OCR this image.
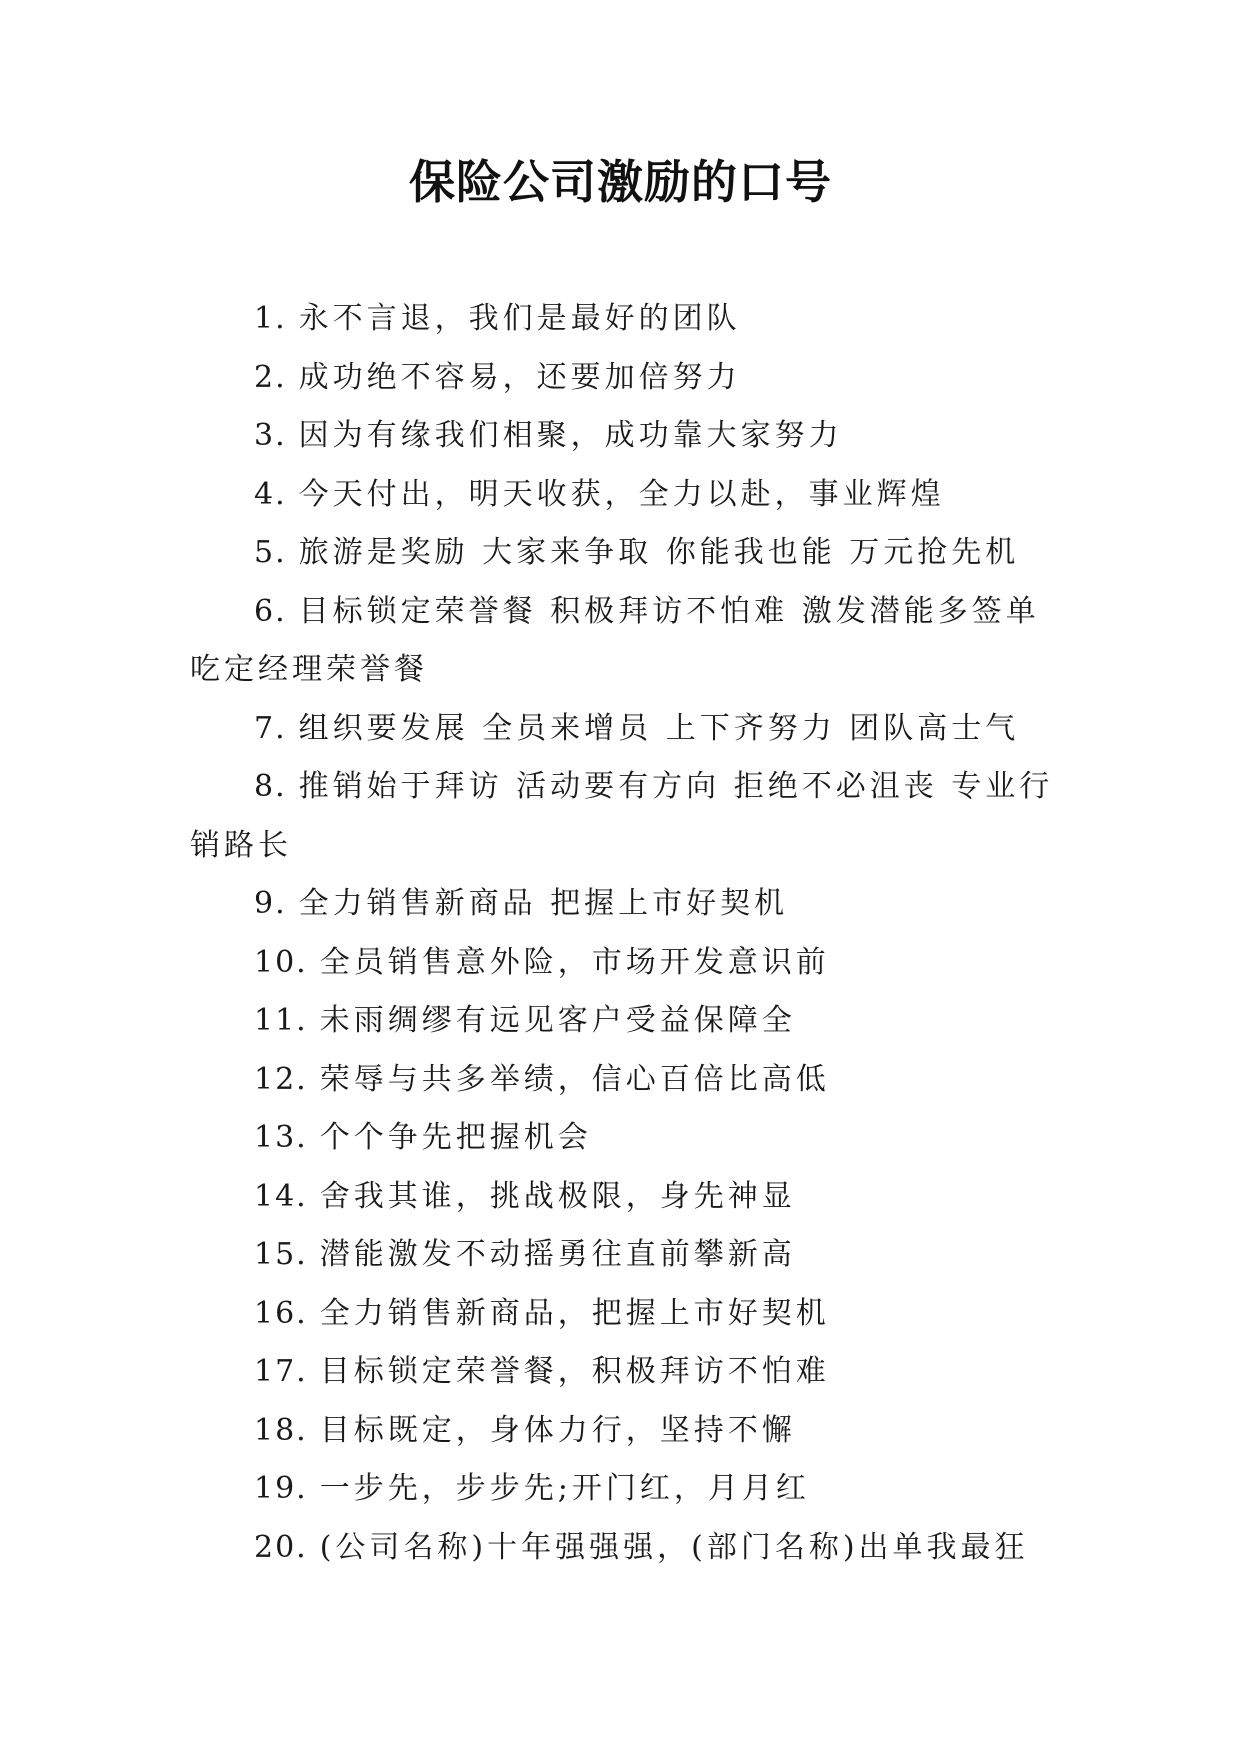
保险公司激励的口号
1. 永不言退，我们是最好的团队
2. 成功绝不容易，还要加倍努力
3. 因为有缘我们相聚，成功靠大家努力
4. 今天付出，明天收获，全力以赴，事业辉煌
5. 旅游是奖励 大家来争取 你能我也能 万元抢先机
6. 目标锁定荣誉餐 积极拜访不怕难 激发潜能多签单吃定经理荣誉餐
7. 组织要发展 全员来增员 上下齐努力 团队高士气
8. 推销始于拜访 活动要有方向 拒绝不必沮丧 专业行销路长
9. 全力销售新商品 把握上市好契机
10. 全员销售意外险，市场开发意识前
11. 未雨绸缪有远见客户受益保障全
12. 荣辱与共多举绩，信心百倍比高低
13. 个个争先把握机会
14. 舍我其谁，挑战极限，身先神显
15. 潜能激发不动摇勇往直前攀新高
16. 全力销售新商品，把握上市好契机
17. 目标锁定荣誉餐，积极拜访不怕难
18. 目标既定，身体力行，坚持不懈
19. 一步先，步步先;开门红，月月红
20. (公司名称)十年强强强，(部门名称)出单我最狂
